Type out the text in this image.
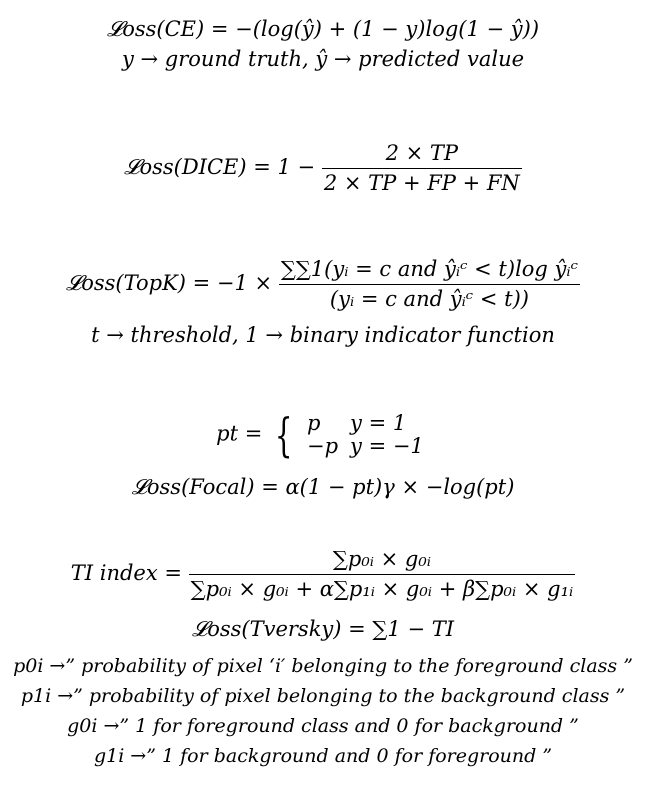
𝓛oss(CE) = −(log(ŷ) + (1 − y)log(1 − ŷ))
y → ground truth, ŷ → predicted value
𝓛oss(DICE) = $1 - \frac{2 \times TP}{2 \times TP + FP + FN}$
𝓛oss(TopK) = $-1 \times \frac{\text{∑∑1(yᵢ = c and ŷᵢᶜ < t)log ŷᵢᶜ}}{\text{(yᵢ = c and ŷᵢᶜ < t))}}$
t → threshold, 1 → binary indicator function
pt = { p	y = 1
−p	y = −1
𝓛oss(Focal) = α(1 − pt)γ × −log(pt)
TI index = $\frac{\text{∑p₀ᵢ × g₀ᵢ}}{\text{∑p₀ᵢ × g₀ᵢ + α∑p₁ᵢ × g₀ᵢ + β∑p₀ᵢ × g₁ᵢ}}$
𝓛oss(Tversky) = ∑1 − TI
p0i →” probability of pixel ‘i′ belonging to the foreground class ”
p1i →” probability of pixel belonging to the background class ”
g0i →” 1 for foreground class and 0 for background ”
g1i →” 1 for background and 0 for foreground ”
